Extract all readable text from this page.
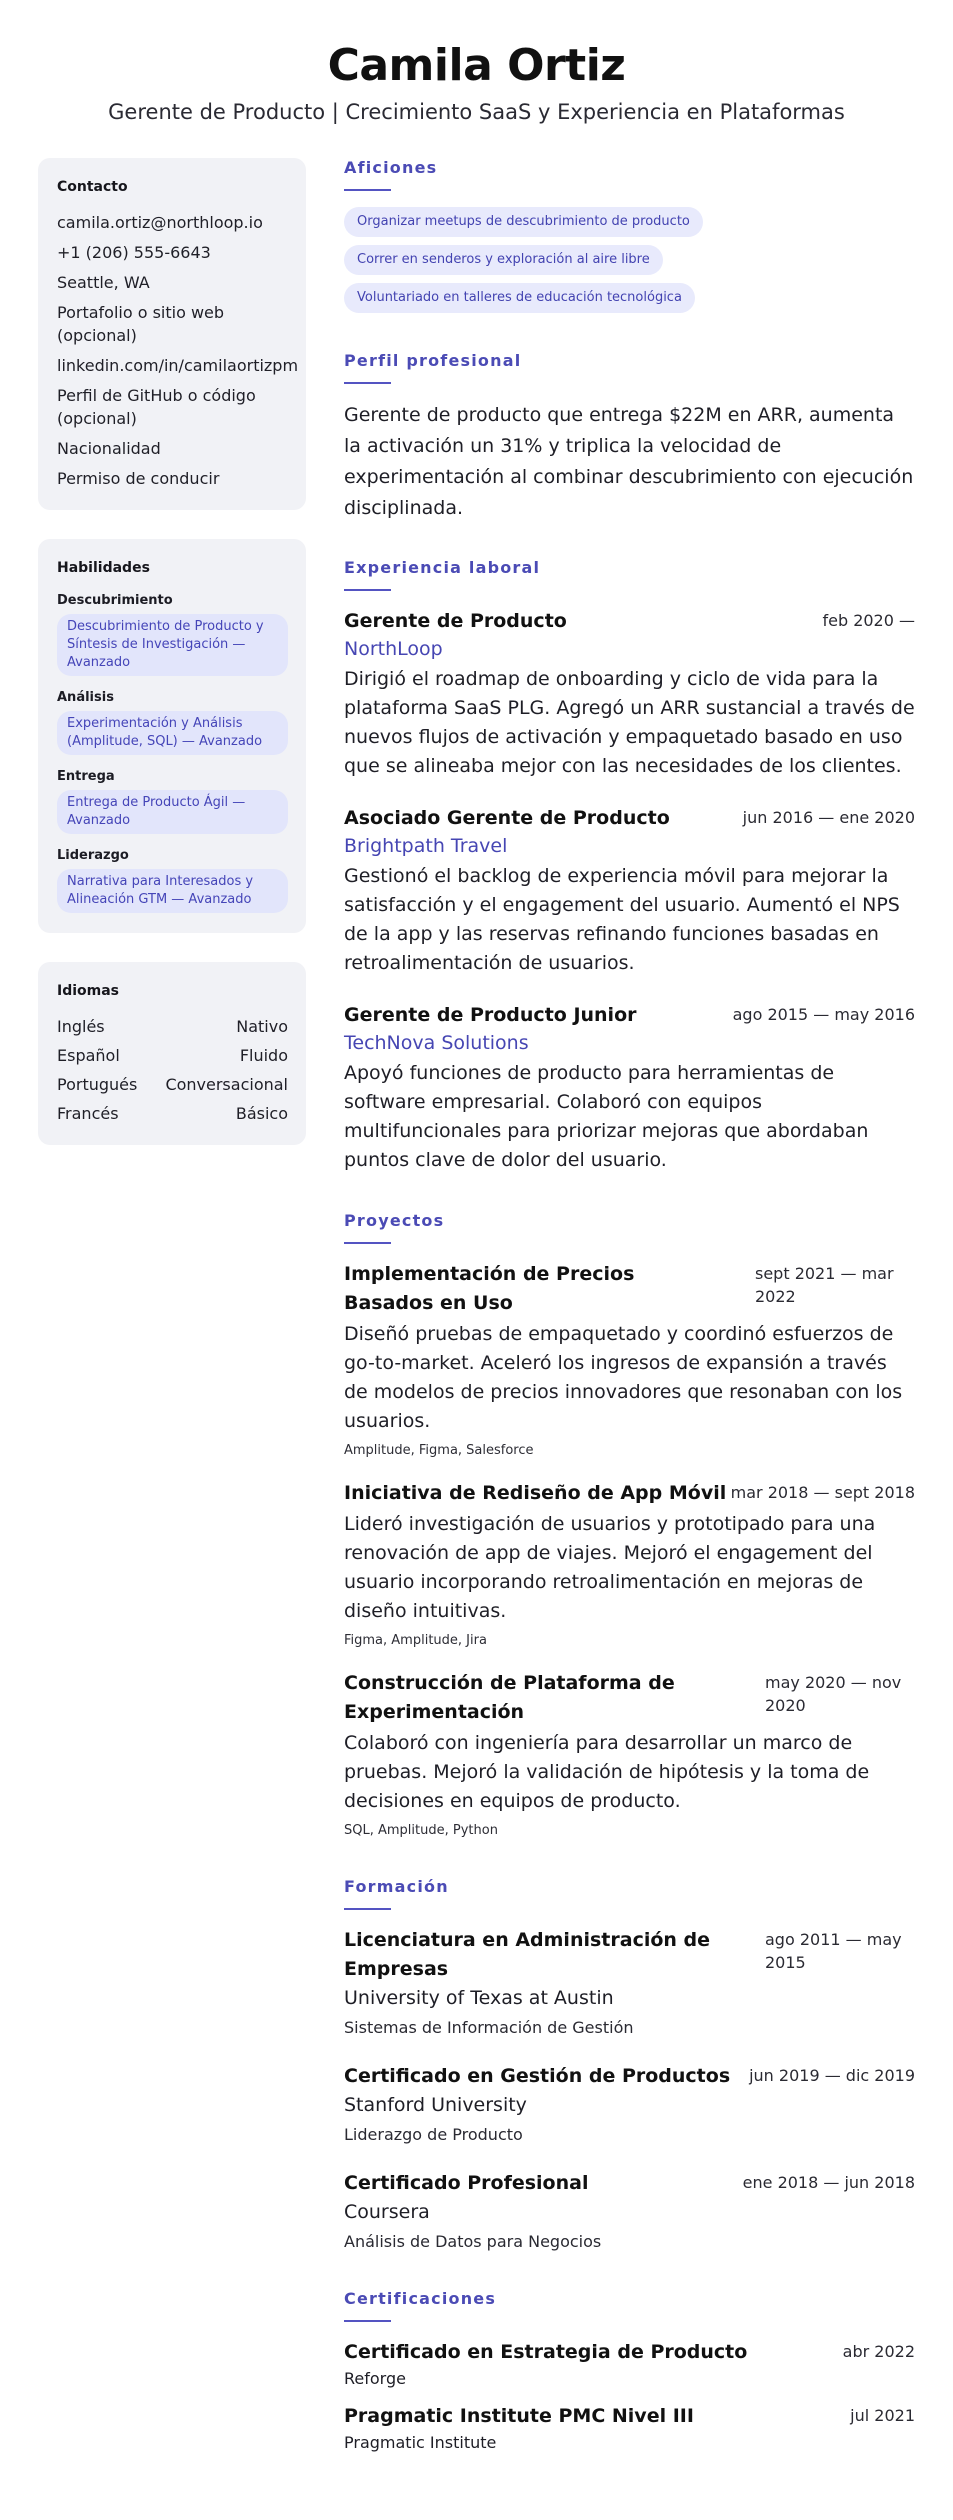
Camila Ortiz
Gerente de Producto | Crecimiento SaaS y Experiencia en Plataformas
Contacto
camila.ortiz@northloop.io
+1 (206) 555-6643
Seattle, WA
Portafolio o sitio web (opcional)
linkedin.com/in/camilaortizpm
Perfil de GitHub o código (opcional)
Nacionalidad
Permiso de conducir
Habilidades
Descubrimiento
Descubrimiento de Producto y Síntesis de Investigación — Avanzado
Análisis
Experimentación y Análisis (Amplitude, SQL) — Avanzado
Entrega
Entrega de Producto Ágil — Avanzado
Liderazgo
Narrativa para Interesados y Alineación GTM — Avanzado
Idiomas
Inglés	Nativo
Español	Fluido
Portugués Conversacional
Francés	Básico
Aficiones
Organizar meetups de descubrimiento de producto
Correr en senderos y exploración al aire libre
Voluntariado en talleres de educación tecnológica
Perfil profesional
Gerente de producto que entrega $22M en ARR, aumenta la activación un 31% y triplica la velocidad de experimentación al combinar descubrimiento con ejecución disciplinada.
Experiencia laboral
Gerente de Producto	feb 2020 —
NorthLoop
Dirigió el roadmap de onboarding y ciclo de vida para la plataforma SaaS PLG. Agregó un ARR sustancial a través de nuevos flujos de activación y empaquetado basado en uso que se alineaba mejor con las necesidades de los clientes.
Asociado Gerente de Producto	jun 2016 — ene 2020
Brightpath Travel
Gestionó el backlog de experiencia móvil para mejorar la satisfacción y el engagement del usuario. Aumentó el NPS de la app y las reservas refinando funciones basadas en retroalimentación de usuarios.
Gerente de Producto Junior	ago 2015 — may 2016
TechNova Solutions
Apoyó funciones de producto para herramientas de software empresarial. Colaboró con equipos multifuncionales para priorizar mejoras que abordaban puntos clave de dolor del usuario.
Proyectos
Implementación de Precios Basados en Uso
sept 2021 — mar 2022
Diseñó pruebas de empaquetado y coordinó esfuerzos de go-to-market. Aceleró los ingresos de expansión a través de modelos de precios innovadores que resonaban con los usuarios.
Amplitude, Figma, Salesforce
Iniciativa de Rediseño de App Móvil mar 2018 — sept 2018
Lideró investigación de usuarios y prototipado para una renovación de app de viajes. Mejoró el engagement del usuario incorporando retroalimentación en mejoras de diseño intuitivas.
Figma, Amplitude, Jira
Construcción de Plataforma de Experimentación
may 2020 — nov 2020
Colaboró con ingeniería para desarrollar un marco de pruebas. Mejoró la validación de hipótesis y la toma de decisiones en equipos de producto.
SQL, Amplitude, Python
Formación
Licenciatura en Administración de Empresas
ago 2011 — may 2015
University of Texas at Austin
Sistemas de Información de Gestión
Certificado en Gestión de Productos jun 2019 — dic 2019
Stanford University
Liderazgo de Producto
Certificado Profesional	ene 2018 — jun 2018
Coursera
Análisis de Datos para Negocios
Certificaciones
Certificado en Estrategia de Producto	abr 2022
Reforge
Pragmatic Institute PMC Nivel III	jul 2021
Pragmatic Institute
